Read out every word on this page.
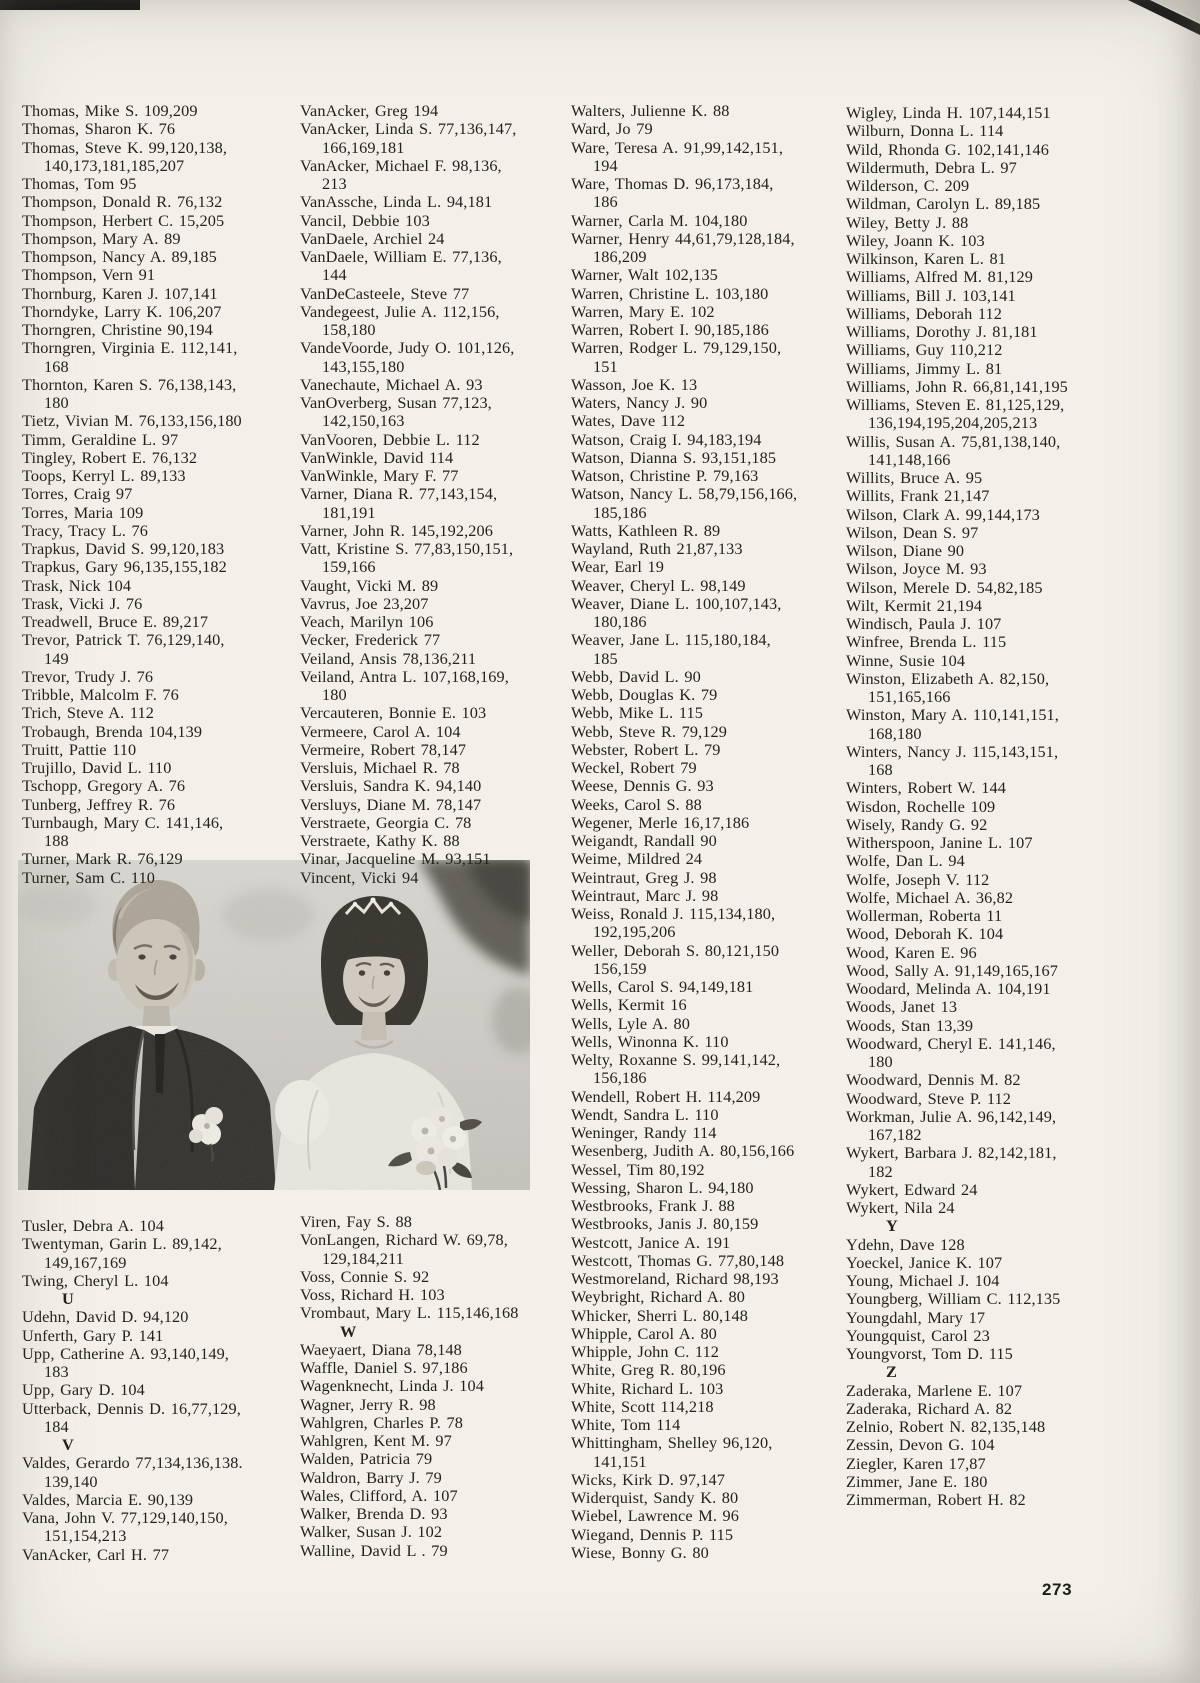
Thomas, Mike S. 109,209
Thomas, Sharon K. 76
Thomas, Steve K. 99,120,138,
140,173,181,185,207
Thomas, Tom 95
Thompson, Donald R. 76,132
Thompson, Herbert C. 15,205
Thompson, Mary A. 89
Thompson, Nancy A. 89,185
Thompson, Vern 91
Thornburg, Karen J. 107,141
Thorndyke, Larry K. 106,207
Thorngren, Christine 90,194
Thorngren, Virginia E. 112,141,
168
Thornton, Karen S. 76,138,143,
180
Tietz, Vivian M. 76,133,156,180
Timm, Geraldine L. 97
Tingley, Robert E. 76,132
Toops, Kerryl L. 89,133
Torres, Craig 97
Torres, Maria 109
Tracy, Tracy L. 76
Trapkus, David S. 99,120,183
Trapkus, Gary 96,135,155,182
Trask, Nick 104
Trask, Vicki J. 76
Treadwell, Bruce E. 89,217
Trevor, Patrick T. 76,129,140,
149
Trevor, Trudy J. 76
Tribble, Malcolm F. 76
Trich, Steve A. 112
Trobaugh, Brenda 104,139
Truitt, Pattie 110
Trujillo, David L. 110
Tschopp, Gregory A. 76
Tunberg, Jeffrey R. 76
Turnbaugh, Mary C. 141,146,
188
Turner, Mark R. 76,129
Turner, Sam C. 110
VanAcker, Greg 194
VanAcker, Linda S. 77,136,147,
166,169,181
VanAcker, Michael F. 98,136,
213
VanAssche, Linda L. 94,181
Vancil, Debbie 103
VanDaele, Archiel 24
VanDaele, William E. 77,136,
144
VanDeCasteele, Steve 77
Vandegeest, Julie A. 112,156,
158,180
VandeVoorde, Judy O. 101,126,
143,155,180
Vanechaute, Michael A. 93
VanOverberg, Susan 77,123,
142,150,163
VanVooren, Debbie L. 112
VanWinkle, David 114
VanWinkle, Mary F. 77
Varner, Diana R. 77,143,154,
181,191
Varner, John R. 145,192,206
Vatt, Kristine S. 77,83,150,151,
159,166
Vaught, Vicki M. 89
Vavrus, Joe 23,207
Veach, Marilyn 106
Vecker, Frederick 77
Veiland, Ansis 78,136,211
Veiland, Antra L. 107,168,169,
180
Vercauteren, Bonnie E. 103
Vermeere, Carol A. 104
Vermeire, Robert 78,147
Versluis, Michael R. 78
Versluis, Sandra K. 94,140
Versluys, Diane M. 78,147
Verstraete, Georgia C. 78
Verstraete, Kathy K. 88
Vinar, Jacqueline M. 93,151
Vincent, Vicki 94
Walters, Julienne K. 88
Ward, Jo 79
Ware, Teresa A. 91,99,142,151,
194
Ware, Thomas D. 96,173,184,
186
Warner, Carla M. 104,180
Warner, Henry 44,61,79,128,184,
186,209
Warner, Walt 102,135
Warren, Christine L. 103,180
Warren, Mary E. 102
Warren, Robert I. 90,185,186
Warren, Rodger L. 79,129,150,
151
Wasson, Joe K. 13
Waters, Nancy J. 90
Wates, Dave 112
Watson, Craig I. 94,183,194
Watson, Dianna S. 93,151,185
Watson, Christine P. 79,163
Watson, Nancy L. 58,79,156,166,
185,186
Watts, Kathleen R. 89
Wayland, Ruth 21,87,133
Wear, Earl 19
Weaver, Cheryl L. 98,149
Weaver, Diane L. 100,107,143,
180,186
Weaver, Jane L. 115,180,184,
185
Webb, David L. 90
Webb, Douglas K. 79
Webb, Mike L. 115
Webb, Steve R. 79,129
Webster, Robert L. 79
Weckel, Robert 79
Weese, Dennis G. 93
Weeks, Carol S. 88
Wegener, Merle 16,17,186
Weigandt, Randall 90
Weime, Mildred 24
Weintraut, Greg J. 98
Weintraut, Marc J. 98
Weiss, Ronald J. 115,134,180,
192,195,206
Weller, Deborah S. 80,121,150
156,159
Wells, Carol S. 94,149,181
Wells, Kermit 16
Wells, Lyle A. 80
Wells, Winonna K. 110
Welty, Roxanne S. 99,141,142,
156,186
Wendell, Robert H. 114,209
Wendt, Sandra L. 110
Weninger, Randy 114
Wesenberg, Judith A. 80,156,166
Wessel, Tim 80,192
Wessing, Sharon L. 94,180
Westbrooks, Frank J. 88
Westbrooks, Janis J. 80,159
Westcott, Janice A. 191
Westcott, Thomas G. 77,80,148
Westmoreland, Richard 98,193
Weybright, Richard A. 80
Whicker, Sherri L. 80,148
Whipple, Carol A. 80
Whipple, John C. 112
White, Greg R. 80,196
White, Richard L. 103
White, Scott 114,218
White, Tom 114
Whittingham, Shelley 96,120,
141,151
Wicks, Kirk D. 97,147
Widerquist, Sandy K. 80
Wiebel, Lawrence M. 96
Wiegand, Dennis P. 115
Wiese, Bonny G. 80
Wigley, Linda H. 107,144,151
Wilburn, Donna L. 114
Wild, Rhonda G. 102,141,146
Wildermuth, Debra L. 97
Wilderson, C. 209
Wildman, Carolyn L. 89,185
Wiley, Betty J. 88
Wiley, Joann K. 103
Wilkinson, Karen L. 81
Williams, Alfred M. 81,129
Williams, Bill J. 103,141
Williams, Deborah 112
Williams, Dorothy J. 81,181
Williams, Guy 110,212
Williams, Jimmy L. 81
Williams, John R. 66,81,141,195
Williams, Steven E. 81,125,129,
136,194,195,204,205,213
Willis, Susan A. 75,81,138,140,
141,148,166
Willits, Bruce A. 95
Willits, Frank 21,147
Wilson, Clark A. 99,144,173
Wilson, Dean S. 97
Wilson, Diane 90
Wilson, Joyce M. 93
Wilson, Merele D. 54,82,185
Wilt, Kermit 21,194
Windisch, Paula J. 107
Winfree, Brenda L. 115
Winne, Susie 104
Winston, Elizabeth A. 82,150,
151,165,166
Winston, Mary A. 110,141,151,
168,180
Winters, Nancy J. 115,143,151,
168
Winters, Robert W. 144
Wisdon, Rochelle 109
Wisely, Randy G. 92
Witherspoon, Janine L. 107
Wolfe, Dan L. 94
Wolfe, Joseph V. 112
Wolfe, Michael A. 36,82
Wollerman, Roberta 11
Wood, Deborah K. 104
Wood, Karen E. 96
Wood, Sally A. 91,149,165,167
Woodard, Melinda A. 104,191
Woods, Janet 13
Woods, Stan 13,39
Woodward, Cheryl E. 141,146,
180
Woodward, Dennis M. 82
Woodward, Steve P. 112
Workman, Julie A. 96,142,149,
167,182
Wykert, Barbara J. 82,142,181,
182
Wykert, Edward 24
Wykert, Nila 24
Y
Ydehn, Dave 128
Yoeckel, Janice K. 107
Young, Michael J. 104
Youngberg, William C. 112,135
Youngdahl, Mary 17
Youngquist, Carol 23
Youngvorst, Tom D. 115
Z
Zaderaka, Marlene E. 107
Zaderaka, Richard A. 82
Zelnio, Robert N. 82,135,148
Zessin, Devon G. 104
Ziegler, Karen 17,87
Zimmer, Jane E. 180
Zimmerman, Robert H. 82
Tusler, Debra A. 104
Twentyman, Garin L. 89,142,
149,167,169
Twing, Cheryl L. 104
U
Udehn, David D. 94,120
Unferth, Gary P. 141
Upp, Catherine A. 93,140,149,
183
Upp, Gary D. 104
Utterback, Dennis D. 16,77,129,
184
V
Valdes, Gerardo 77,134,136,138.
139,140
Valdes, Marcia E. 90,139
Vana, John V. 77,129,140,150,
151,154,213
VanAcker, Carl H. 77
Viren, Fay S. 88
VonLangen, Richard W. 69,78,
129,184,211
Voss, Connie S. 92
Voss, Richard H. 103
Vrombaut, Mary L. 115,146,168
W
Waeyaert, Diana 78,148
Waffle, Daniel S. 97,186
Wagenknecht, Linda J. 104
Wagner, Jerry R. 98
Wahlgren, Charles P. 78
Wahlgren, Kent M. 97
Walden, Patricia 79
Waldron, Barry J. 79
Wales, Clifford, A. 107
Walker, Brenda D. 93
Walker, Susan J. 102
Walline, David L . 79
273
